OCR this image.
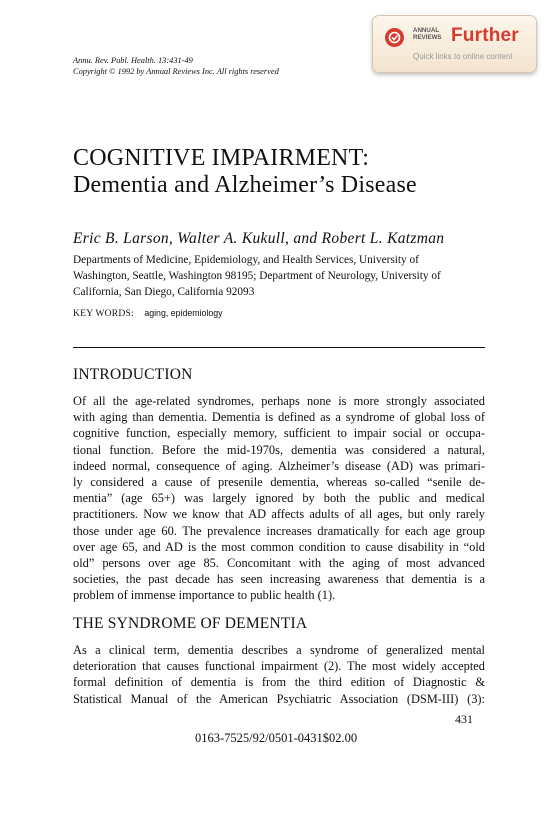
Annu. Rev. Publ. Health. 13:431-49
Copyright © 1992 by Annual Reviews Inc. All rights reserved
ANNUAL
REVIEWS Further
Quick links to online content
COGNITIVE IMPAIRMENT:
Dementia and Alzheimer’s Disease
Eric B. Larson, Walter A. Kukull, and Robert L. Katzman
Departments of Medicine, Epidemiology, and Health Services, University of
Washington, Seattle, Washington 98195; Department of Neurology, University of
California, San Diego, California 92093
KEY WORDS: aging, epidemiology
INTRODUCTION
Of all the age-related syndromes, perhaps none is more strongly associated
with aging than dementia. Dementia is defined as a syndrome of global loss of
cognitive function, especially memory, sufficient to impair social or occupa-
tional function. Before the mid-1970s, dementia was considered a natural,
indeed normal, consequence of aging. Alzheimer’s disease (AD) was primari-
ly considered a cause of presenile dementia, whereas so-called “senile de-
mentia” (age 65+) was largely ignored by both the public and medical
practitioners. Now we know that AD affects adults of all ages, but only rarely
those under age 60. The prevalence increases dramatically for each age group
over age 65, and AD is the most common condition to cause disability in “old
old” persons over age 85. Concomitant with the aging of most advanced
societies, the past decade has seen increasing awareness that dementia is a
problem of immense importance to public health (1).
THE SYNDROME OF DEMENTIA
As a clinical term, dementia describes a syndrome of generalized mental
deterioration that causes functional impairment (2). The most widely accepted
formal definition of dementia is from the third edition of Diagnostic &
Statistical Manual of the American Psychiatric Association (DSM-III) (3):
431
0163-7525/92/0501-0431$02.00
